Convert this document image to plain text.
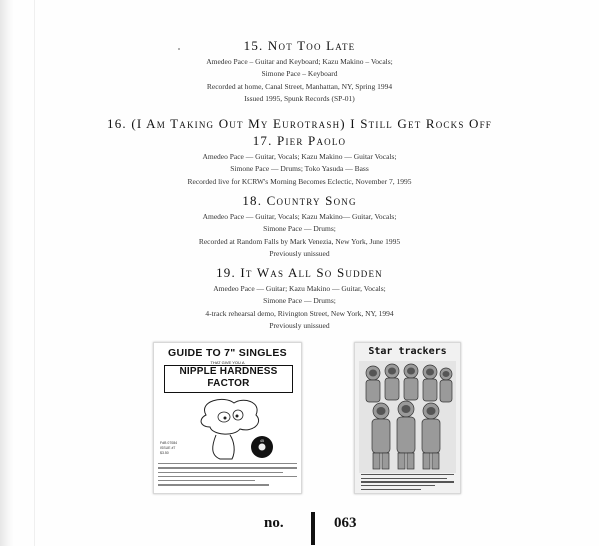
15. Not Too Late
Amedeo Pace – Guitar and Keyboard; Kazu Makino – Vocals;
Simone Pace – Keyboard
Recorded at home, Canal Street, Manhattan, NY, Spring 1994
Issued 1995, Spunk Records (SP-01)
16. (I Am Taking Out My Eurotrash) I Still Get Rocks Off
17. Pier Paolo
Amedeo Pace — Guitar, Vocals; Kazu Makino — Guitar Vocals;
Simone Pace — Drums; Toko Yasuda — Bass
Recorded live for KCRW's Morning Becomes Eclectic, November 7, 1995
18. Country Song
Amedeo Pace — Guitar, Vocals; Kazu Makino— Guitar, Vocals;
Simone Pace — Drums;
Recorded at Random Falls by Mark Venezia, New York, June 1995
Previously unissued
19. It Was All So Sudden
Amedeo Pace — Guitar; Kazu Makino — Guitar, Vocals;
Simone Pace — Drums;
4-track rehearsal demo, Rivington Street, New York, NY, 1994
Previously unissued
GUIDE TO 7" SINGLES
THAT GIVE YOU A
NIPPLE HARDNESS
FACTOR
45
FdB 07084
ISSUE #7
$3.50
Star trackers
no.	063
